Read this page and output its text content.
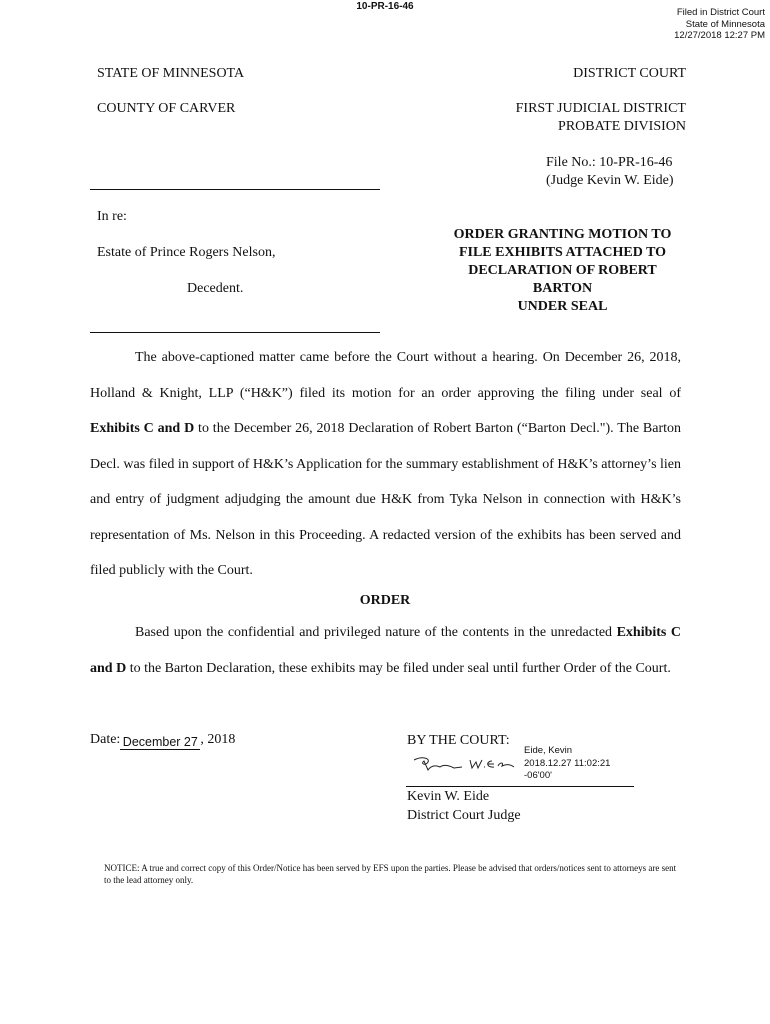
10-PR-16-46
Filed in District Court
State of Minnesota
12/27/2018 12:27 PM
STATE OF MINNESOTA
COUNTY OF CARVER
DISTRICT COURT
FIRST JUDICIAL DISTRICT
PROBATE DIVISION
File No.: 10-PR-16-46
(Judge Kevin W. Eide)
In re:
Estate of Prince Rogers Nelson,
Decedent.
ORDER GRANTING MOTION TO
FILE EXHIBITS ATTACHED TO
DECLARATION OF ROBERT
BARTON
UNDER SEAL

The above-captioned matter came before the Court without a hearing. On December 26, 2018, Holland & Knight, LLP (“H&K”) filed its motion for an order approving the filing under seal of Exhibits C and D to the December 26, 2018 Declaration of Robert Barton (“Barton Decl."). The Barton Decl. was filed in support of H&K’s Application for the summary establishment of H&K’s attorney’s lien and entry of judgment adjudging the amount due H&K from Tyka Nelson in connection with H&K’s representation of Ms. Nelson in this Proceeding. A redacted version of the exhibits has been served and filed publicly with the Court.

ORDER

Based upon the confidential and privileged nature of the contents in the unredacted Exhibits C and D to the Barton Declaration, these exhibits may be filed under seal until further Order of the Court.

Date: December 27 , 2018	BY THE COURT:
Eide, Kevin
2018.12.27 11:02:21
-06'00'
Kevin W. Eide
District Court Judge
NOTICE: A true and correct copy of this Order/Notice has been served by EFS upon the parties. Please be advised that orders/notices sent to attorneys are sent to the lead attorney only.
